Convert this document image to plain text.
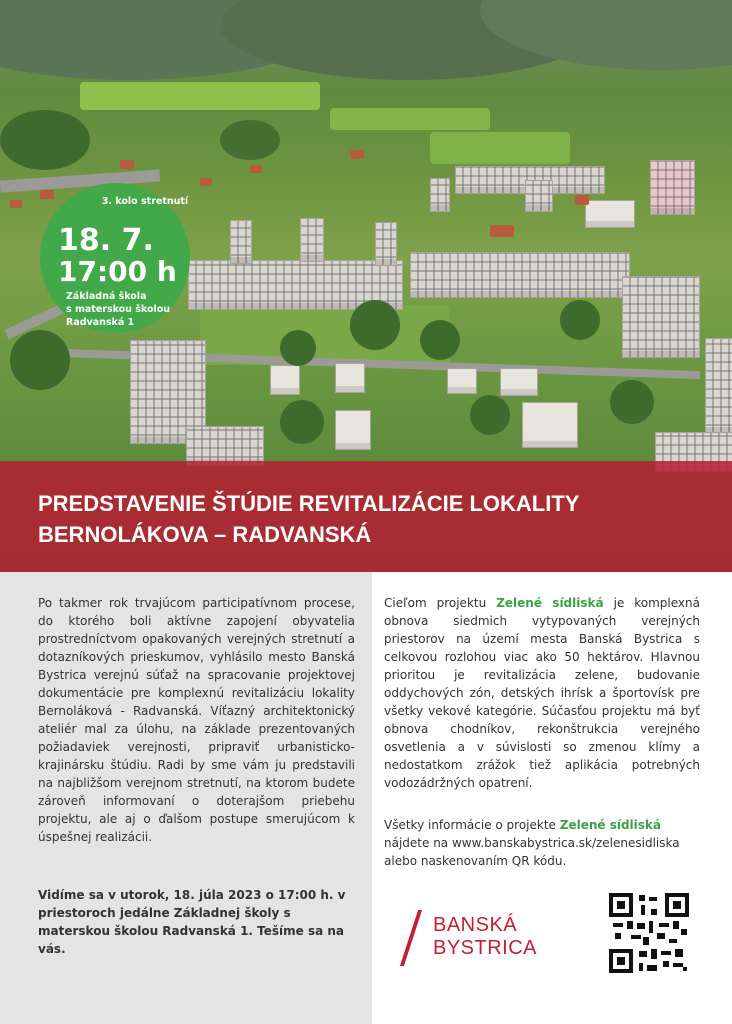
3. kolo stretnutí
18. 7.
17:00 h
Základná škola
s materskou školou
Radvanská 1
PREDSTAVENIE ŠTÚDIE REVITALIZÁCIE LOKALITY
BERNOLÁKOVA – RADVANSKÁ

Po takmer rok trvajúcom participatívnom procese, do ktorého boli aktívne zapojení obyvatelia prostredníctvom opakovaných verejných stretnutí a dotazníkových prieskumov, vyhlásilo mesto Banská Bystrica verejnú súťaž na spracovanie projektovej dokumentácie pre komplexnú revitalizáciu lokality Bernoláková - Radvanská. Víťazný architektonický ateliér mal za úlohu, na základe prezentovaných požiadaviek verejnosti, pripraviť urbanisticko-krajinársku štúdiu. Radi by sme vám ju predstavili na najbližšom verejnom stretnutí, na ktorom budete zároveň informovaní o doterajšom priebehu projektu, ale aj o ďalšom postupe smerujúcom k úspešnej realizácii.

Vidíme sa v utorok, 18. júla 2023 o 17:00 h. v priestoroch jedálne Základnej školy s materskou školou Radvanská 1. Tešíme sa na vás.

Cieľom projektu Zelené sídliská je komplexná obnova siedmich vytypovaných verejných priestorov na území mesta Banská Bystrica s celkovou rozlohou viac ako 50 hektárov. Hlavnou prioritou je revitalizácia zelene, budovanie oddychových zón, detských ihrísk a športovísk pre všetky vekové kategórie. Súčasťou projektu má byť obnova chodníkov, rekonštrukcia verejného osvetlenia a v súvislosti so zmenou klímy a nedostatkom zrážok tiež aplikácia potrebných vodozádržných opatrení.

Všetky informácie o projekte Zelené sídliská
nájdete na www.banskabystrica.sk/zelenesidliska
alebo naskenovaním QR kódu.
BANSKÁ
BYSTRICA
